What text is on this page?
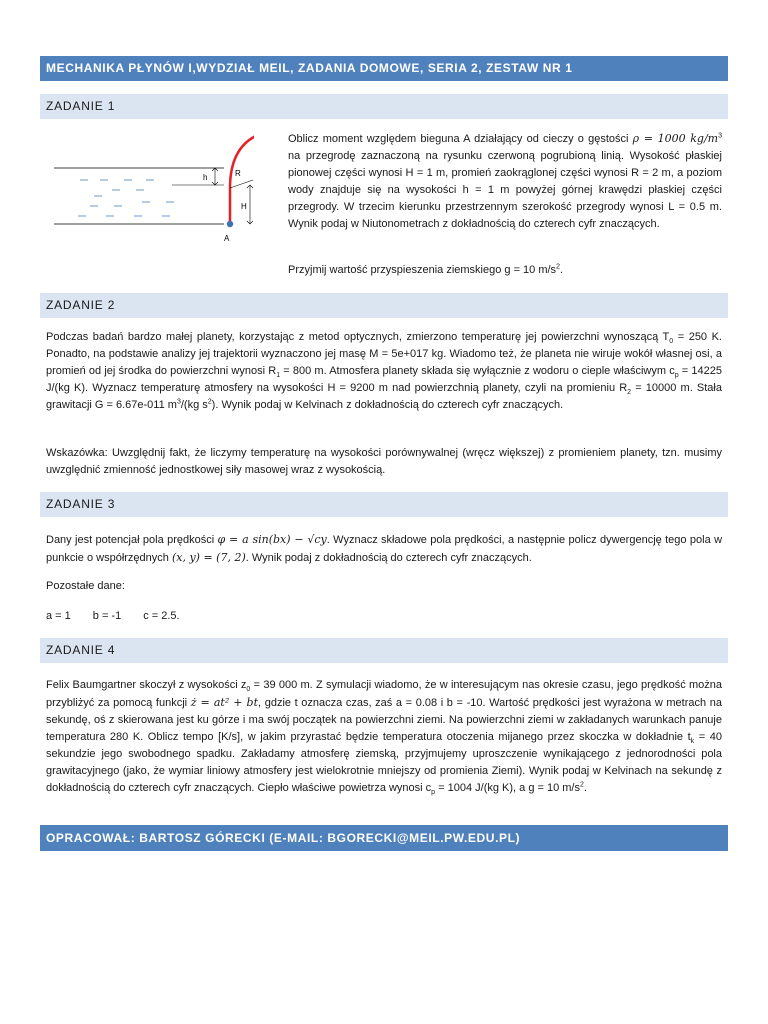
MECHANIKA PŁYNÓW I,WYDZIAŁ MEIL, ZADANIA DOMOWE, SERIA 2, ZESTAW NR 1
ZADANIE 1
h	R
H
A

Oblicz moment względem bieguna A działający od cieczy o gęstości ρ = 1000 $kg/m^3$ na przegrodę zaznaczoną na rysunku czerwoną pogrubioną linią. Wysokość płaskiej pionowej części wynosi H = 1 m, promień zaokrąglonej części wynosi R = 2 m, a poziom wody znajduje się na wysokości h = 1 m powyżej górnej krawędzi płaskiej części przegrody. W trzecim kierunku przestrzennym szerokość przegrody wynosi L = 0.5 m. Wynik podaj w Niutonometrach z dokładnością do czterech cyfr znaczących.

Przyjmij wartość przyspieszenia ziemskiego g = 10 $m/s^2$.

ZADANIE 2

Podczas badań bardzo małej planety, korzystając z metod optycznych, zmierzono temperaturę jej powierzchni wynoszącą $T_0 = 250$ K. Ponadto, na podstawie analizy jej trajektorii wyznaczono jej masę M = 5e+017 kg. Wiadomo też, że planeta nie wiruje wokół własnej osi, a promień od jej środka do powierzchni wynosi $R_1 = 800$ m. Atmosfera planety składa się wyłącznie z wodoru o cieple właściwym $c_p = 14225$ J/(kg K). Wyznacz temperaturę atmosfery na wysokości H = 9200 m nad powierzchnią planety, czyli na promieniu $R_2 = 10000$ m. Stała grawitacji G = 6.67e-011 $m^3/(kg$ $s^2$). Wynik podaj w Kelvinach z dokładnością do czterech cyfr znaczących.

Wskazówka: Uwzględnij fakt, że liczymy temperaturę na wysokości porównywalnej (wręcz większej) z promieniem planety, tzn. musimy uwzględnić zmienność jednostkowej siły masowej wraz z wysokością.

ZADANIE 3

Dany jest potencjał pola prędkości φ = a sin(bx) − √cy. Wyznacz składowe pola prędkości, a następnie policz dywergencję tego pola w punkcie o współrzędnych (x, y) = (7, 2). Wynik podaj z dokładnością do czterech cyfr znaczących.

Pozostałe dane:

a = 1 b = -1 c = 2.5.

ZADANIE 4

Felix Baumgartner skoczył z wysokości $z_0 = 39$ 000 m. Z symulacji wiadomo, że w interesującym nas okresie czasu, jego prędkość można przybliżyć za pomocą funkcji ż = at² + bt, gdzie t oznacza czas, zaś a = 0.08 i b = -10. Wartość prędkości jest wyrażona w metrach na sekundę, oś z skierowana jest ku górze i ma swój początek na powierzchni ziemi. Na powierzchni ziemi w zakładanych warunkach panuje temperatura 280 K. Oblicz tempo [K/s], w jakim przyrastać będzie temperatura otoczenia mijanego przez skoczka w dokładnie $t_k = 40$ sekundzie jego swobodnego spadku. Zakładamy atmosferę ziemską, przyjmujemy uproszczenie wynikającego z jednorodności pola grawitacyjnego (jako, że wymiar liniowy atmosfery jest wielokrotnie mniejszy od promienia Ziemi). Wynik podaj w Kelvinach na sekundę z dokładnością do czterech cyfr znaczących. Ciepło właściwe powietrza wynosi $c_p = 1004$ J/(kg K), a g = 10 $m/s^2$.

OPRACOWAŁ: BARTOSZ GÓRECKI (E-MAIL: BGORECKI@MEIL.PW.EDU.PL)
